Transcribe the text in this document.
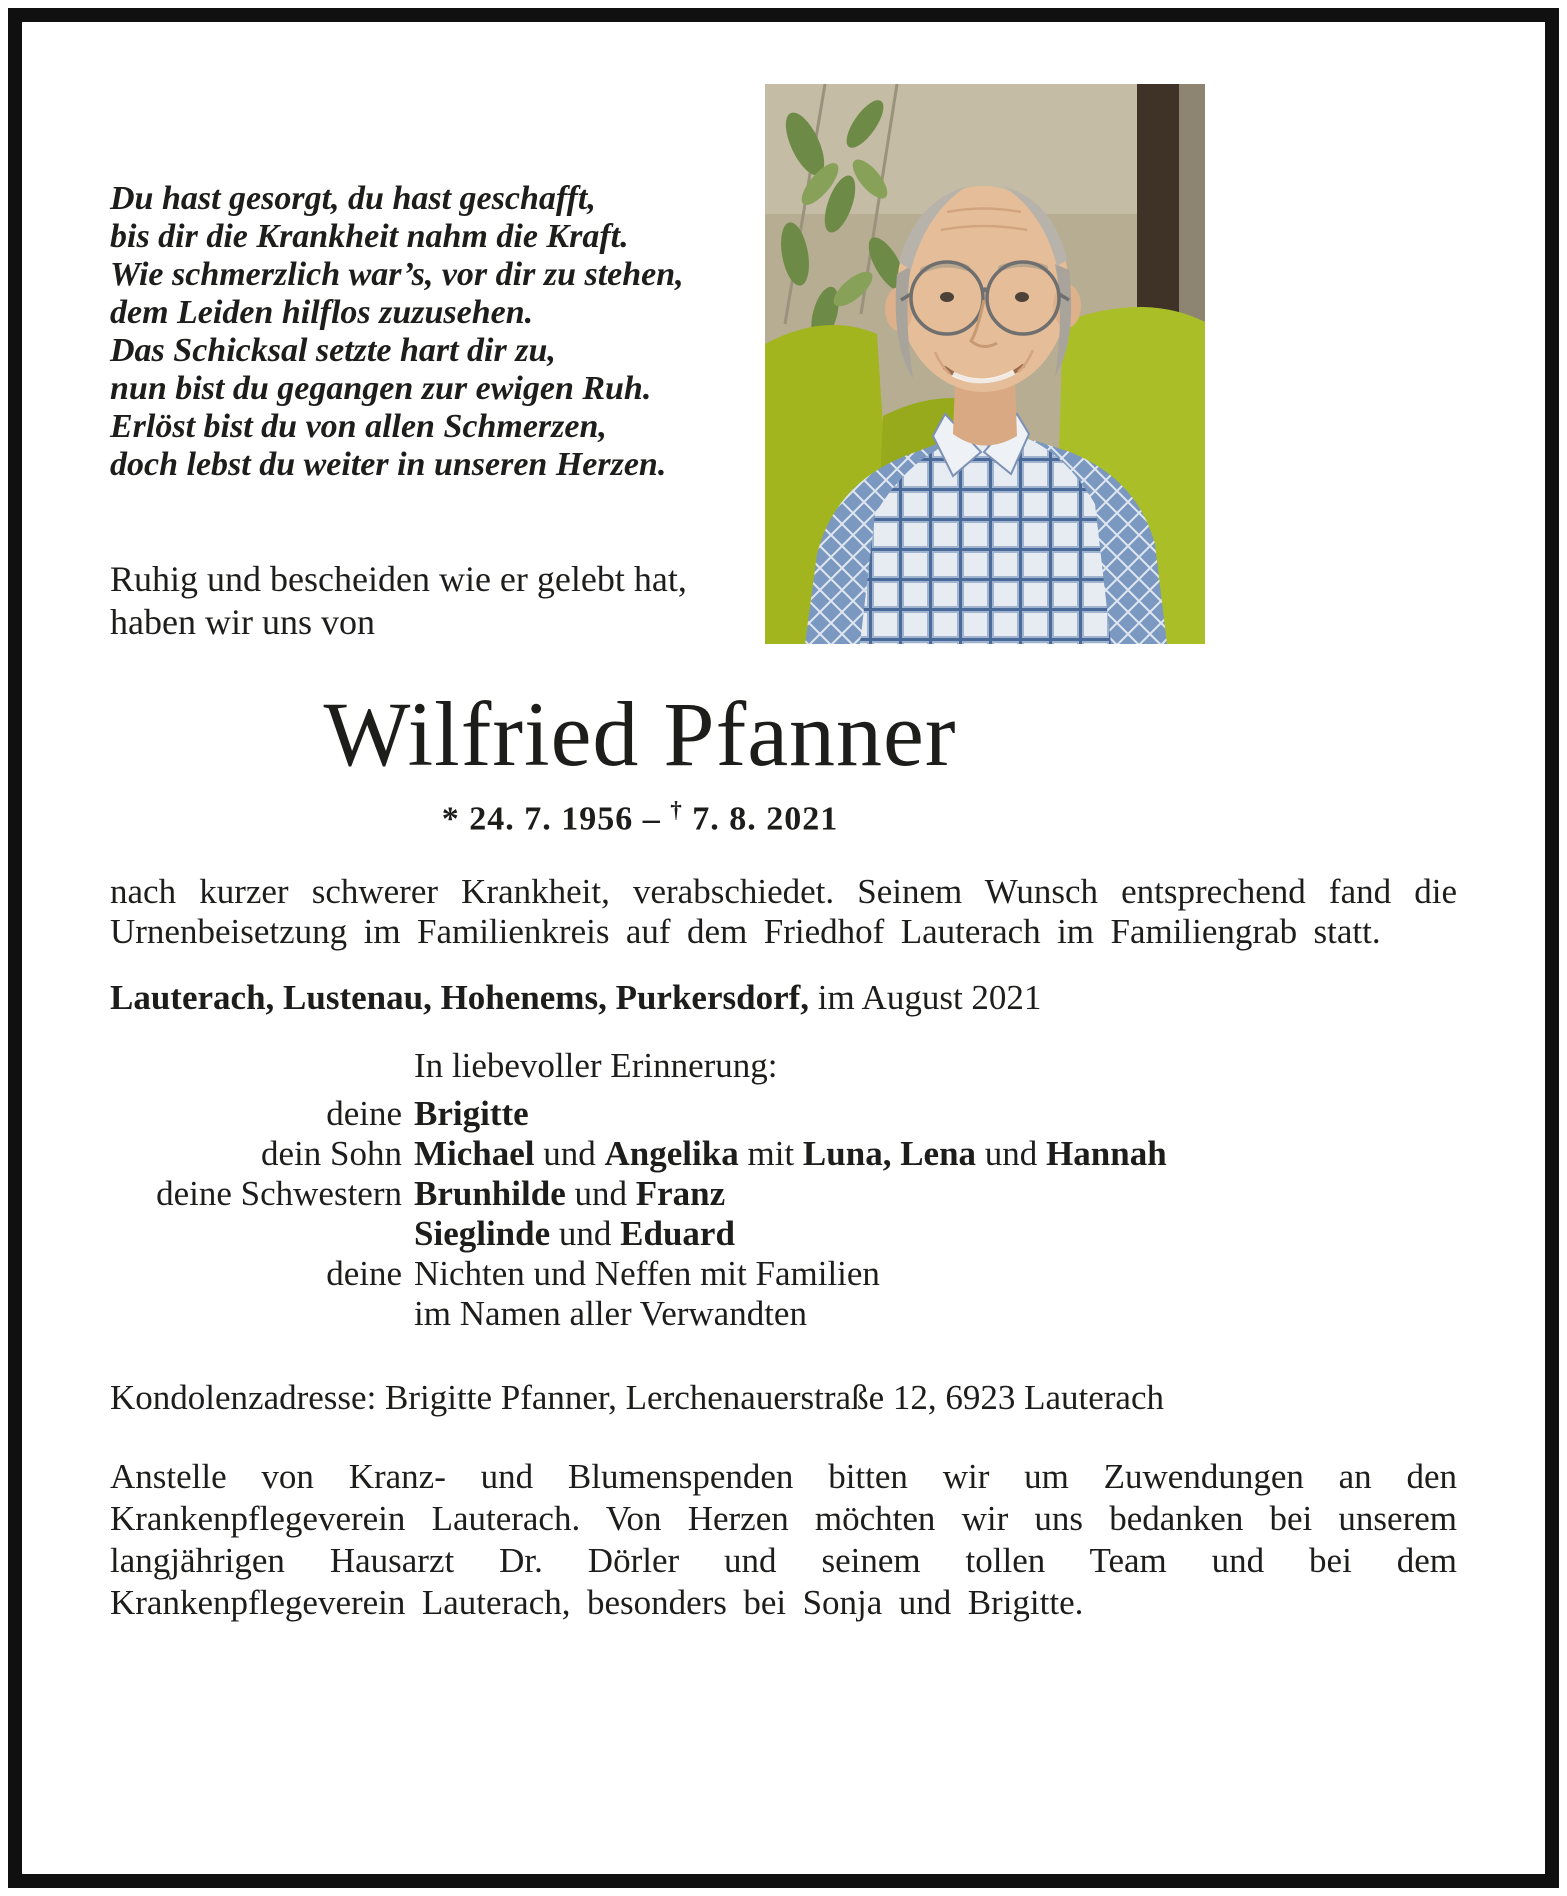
Du hast gesorgt, du hast geschafft,
bis dir die Krankheit nahm die Kraft.
Wie schmerzlich war’s, vor dir zu stehen,
dem Leiden hilflos zuzusehen.
Das Schicksal setzte hart dir zu,
nun bist du gegangen zur ewigen Ruh.
Erlöst bist du von allen Schmerzen,
doch lebst du weiter in unseren Herzen.
Ruhig und bescheiden wie er gelebt hat,
haben wir uns von
Wilfried Pfanner
* 24. 7. 1956 – † 7. 8. 2021
nach kurzer schwerer Krankheit, verabschiedet. Seinem Wunsch entsprechend fand die Urnenbeisetzung im Familienkreis auf dem Friedhof Lauterach im Familiengrab statt.
Lauterach, Lustenau, Hohenems, Purkersdorf, im August 2021
In liebevoller Erinnerung:
deine Brigitte
dein Sohn Michael und Angelika mit Luna, Lena und Hannah
deine Schwestern Brunhilde und Franz
Sieglinde und Eduard
deine Nichten und Neffen mit Familien
im Namen aller Verwandten
Kondolenzadresse: Brigitte Pfanner, Lerchenauerstraße 12, 6923 Lauterach
Anstelle von Kranz- und Blumenspenden bitten wir um Zuwendungen an den Krankenpflegeverein Lauterach. Von Herzen möchten wir uns bedanken bei unserem langjährigen Hausarzt Dr. Dörler und seinem tollen Team und bei dem Krankenpflegeverein Lauterach, besonders bei Sonja und Brigitte.
